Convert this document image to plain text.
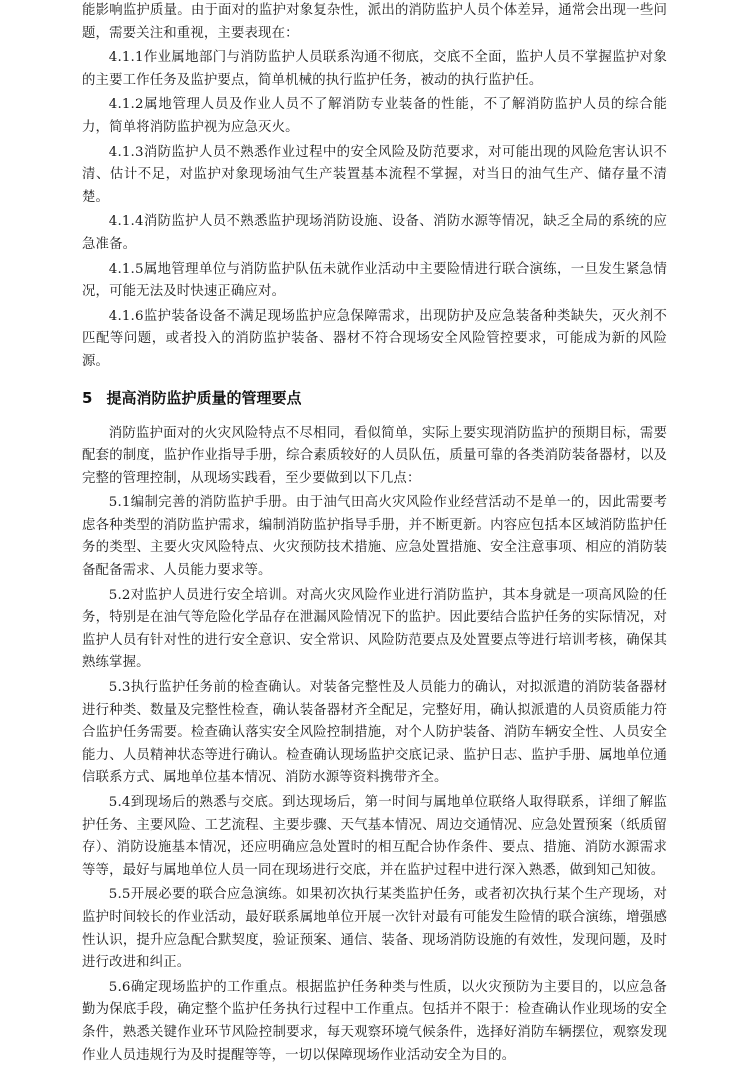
能影响监护质量。由于面对的监护对象复杂性，派出的消防监护人员个体差异，通常会出现一些问题，需要关注和重视，主要表现在：

4.1.1作业属地部门与消防监护人员联系沟通不彻底，交底不全面，监护人员不掌握监护对象的主要工作任务及监护要点，简单机械的执行监护任务，被动的执行监护任。

4.1.2属地管理人员及作业人员不了解消防专业装备的性能，不了解消防监护人员的综合能力，简单将消防监护视为应急灭火。

4.1.3消防监护人员不熟悉作业过程中的安全风险及防范要求，对可能出现的风险危害认识不清、估计不足，对监护对象现场油气生产装置基本流程不掌握，对当日的油气生产、储存量不清楚。

4.1.4消防监护人员不熟悉监护现场消防设施、设备、消防水源等情况，缺乏全局的系统的应急准备。

4.1.5属地管理单位与消防监护队伍未就作业活动中主要险情进行联合演练，一旦发生紧急情况，可能无法及时快速正确应对。

4.1.6监护装备设备不满足现场监护应急保障需求，出现防护及应急装备种类缺失，灭火剂不匹配等问题，或者投入的消防监护装备、器材不符合现场安全风险管控要求，可能成为新的风险源。

5 提高消防监护质量的管理要点

消防监护面对的火灾风险特点不尽相同，看似简单，实际上要实现消防监护的预期目标，需要配套的制度，监护作业指导手册，综合素质较好的人员队伍，质量可靠的各类消防装备器材，以及完整的管理控制，从现场实践看，至少要做到以下几点：

5.1编制完善的消防监护手册。由于油气田高火灾风险作业经营活动不是单一的，因此需要考虑各种类型的消防监护需求，编制消防监护指导手册，并不断更新。内容应包括本区域消防监护任务的类型、主要火灾风险特点、火灾预防技术措施、应急处置措施、安全注意事项、相应的消防装备配备需求、人员能力要求等。

5.2对监护人员进行安全培训。对高火灾风险作业进行消防监护，其本身就是一项高风险的任务，特别是在油气等危险化学品存在泄漏风险情况下的监护。因此要结合监护任务的实际情况，对监护人员有针对性的进行安全意识、安全常识、风险防范要点及处置要点等进行培训考核，确保其熟练掌握。

5.3执行监护任务前的检查确认。对装备完整性及人员能力的确认，对拟派遣的消防装备器材进行种类、数量及完整性检查，确认装备器材齐全配足，完整好用，确认拟派遣的人员资质能力符合监护任务需要。检查确认落实安全风险控制措施，对个人防护装备、消防车辆安全性、人员安全能力、人员精神状态等进行确认。检查确认现场监护交底记录、监护日志、监护手册、属地单位通信联系方式、属地单位基本情况、消防水源等资料携带齐全。

5.4到现场后的熟悉与交底。到达现场后，第一时间与属地单位联络人取得联系，详细了解监护任务、主要风险、工艺流程、主要步骤、天气基本情况、周边交通情况、应急处置预案（纸质留存）、消防设施基本情况，还应明确应急处置时的相互配合协作条件、要点、措施、消防水源需求等等，最好与属地单位人员一同在现场进行交底，并在监护过程中进行深入熟悉，做到知己知彼。

5.5开展必要的联合应急演练。如果初次执行某类监护任务，或者初次执行某个生产现场，对监护时间较长的作业活动，最好联系属地单位开展一次针对最有可能发生险情的联合演练，增强感性认识，提升应急配合默契度，验证预案、通信、装备、现场消防设施的有效性，发现问题，及时进行改进和纠正。

5.6确定现场监护的工作重点。根据监护任务种类与性质，以火灾预防为主要目的，以应急备勤为保底手段，确定整个监护任务执行过程中工作重点。包括并不限于：检查确认作业现场的安全条件，熟悉关键作业环节风险控制要求，每天观察环境气候条件，选择好消防车辆摆位，观察发现作业人员违规行为及时提醒等等，一切以保障现场作业活动安全为目的。
